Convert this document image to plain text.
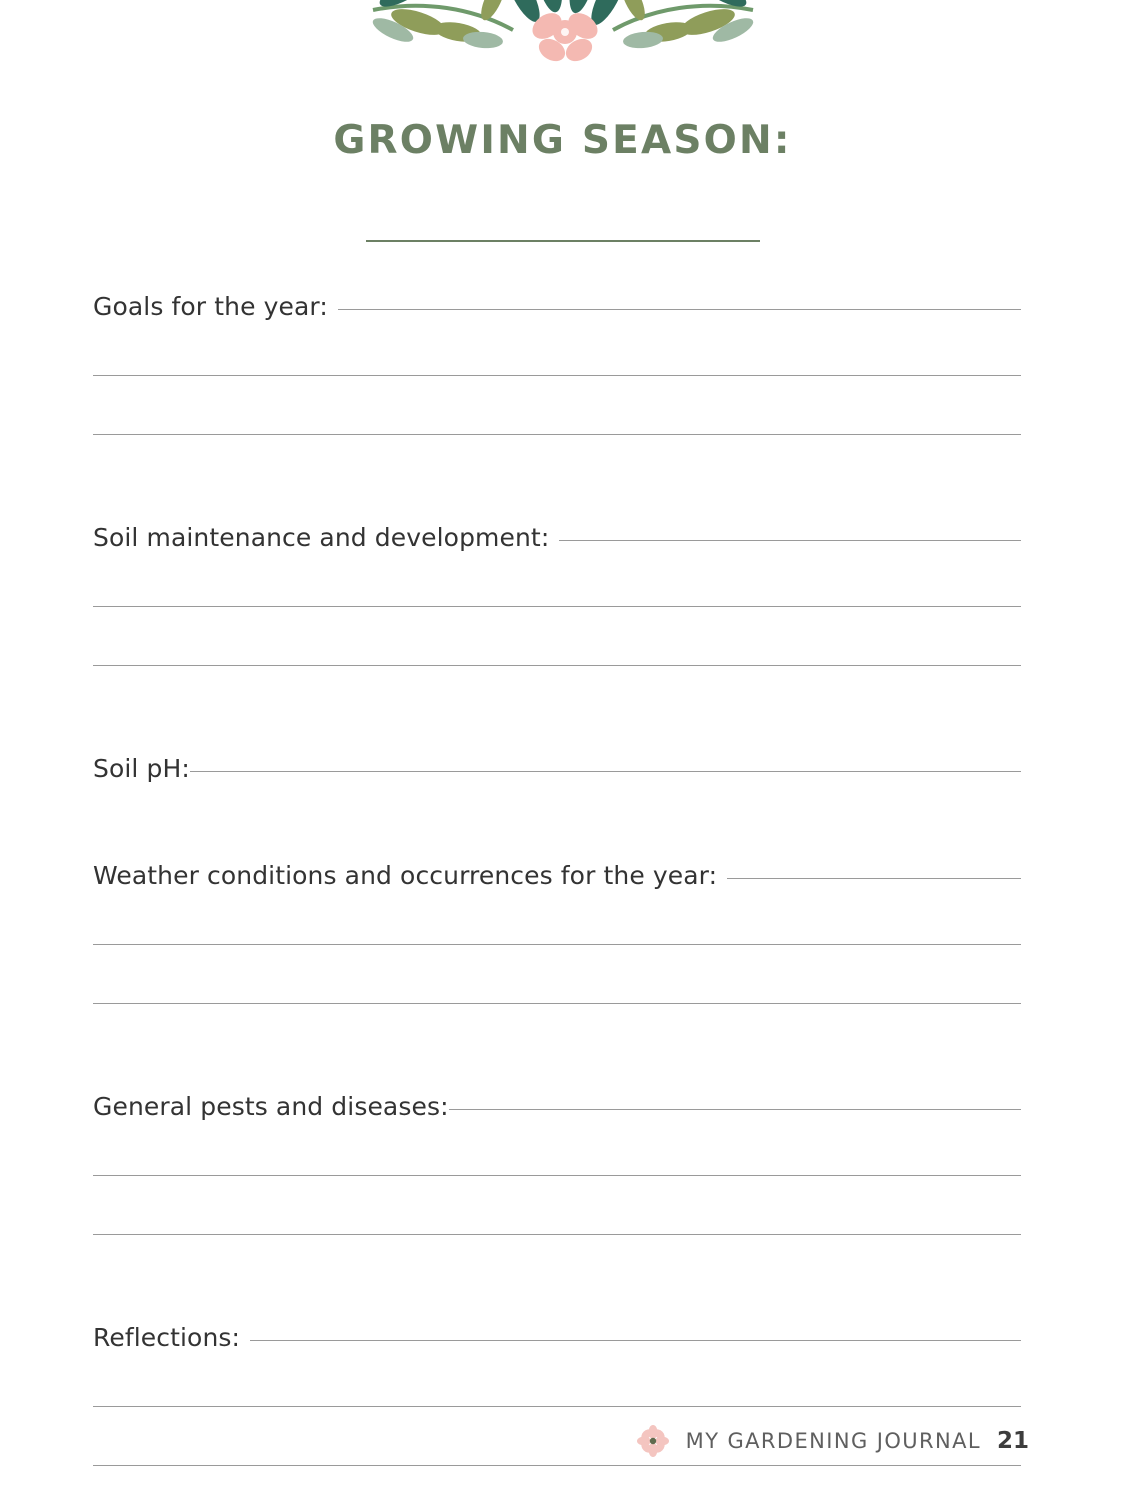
GROWING SEASON:
Goals for the year:
Soil maintenance and development:
Soil pH:
Weather conditions and occurrences for the year:
General pests and diseases:
Reflections:
MY GARDENING JOURNAL 21
